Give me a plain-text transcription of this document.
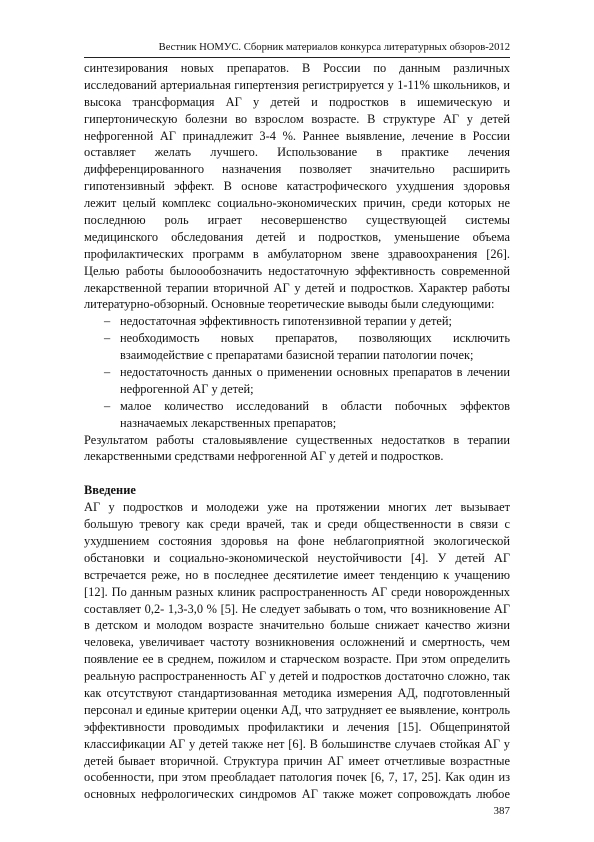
Вестник НОМУС. Сборник материалов конкурса литературных обзоров-2012
синтезирования новых препаратов. В России по данным различных
исследований артериальная гипертензия регистрируется у 1-11% школьников, и
высока трансформация АГ у детей и подростков в ишемическую и
гипертоническую болезни во взрослом возрасте. В структуре АГ у детей
нефрогенной АГ принадлежит 3-4 %. Раннее выявление, лечение в России
оставляет желать лучшего. Использование в практике лечения
дифференцированного назначения позволяет значительно расширить
гипотензивный эффект. В основе катастрофического ухудшения здоровья
лежит целый комплекс социально-экономических причин, среди которых не
последнюю роль играет несовершенство существующей системы
медицинского обследования детей и подростков, уменьшение объема
профилактических программ в амбулаторном звене здравоохранения [26].
Целью работы былоообозначить недостаточную эффективность современной
лекарственной терапии вторичной АГ у детей и подростков. Характер работы
литературно-обзорный. Основные теоретические выводы были следующими:
– недостаточная эффективность гипотензивной терапии у детей;
– необходимость новых препаратов, позволяющих исключить
взаимодействие с препаратами базисной терапии патологии почек;
– недостаточность данных о применении основных препаратов в лечении
нефрогенной АГ у детей;
– малое количество исследований в области побочных эффектов
назначаемых лекарственных препаратов;
Результатом работы сталовыявление существенных недостатков в терапии
лекарственными средствами нефрогенной АГ у детей и подростков.
Введение
АГ у подростков и молодежи уже на протяжении многих лет вызывает
большую тревогу как среди врачей, так и среди общественности в связи с
ухудшением состояния здоровья на фоне неблагоприятной экологической
обстановки и социально-экономической неустойчивости [4]. У детей АГ
встречается реже, но в последнее десятилетие имеет тенденцию к учащению
[12]. По данным разных клиник распространенность АГ среди новорожденных
составляет 0,2- 1,3-3,0 % [5]. Не следует забывать о том, что возникновение АГ
в детском и молодом возрасте значительно больше снижает качество жизни
человека, увеличивает частоту возникновения осложнений и смертность, чем
появление ее в среднем, пожилом и старческом возрасте. При этом определить
реальную распространенность АГ у детей и подростков достаточно сложно, так
как отсутствуют стандартизованная методика измерения АД, подготовленный
персонал и единые критерии оценки АД, что затрудняет ее выявление, контроль
эффективности проводимых профилактики и лечения [15]. Общепринятой
классификации АГ у детей также нет [6]. В большинстве случаев стойкая АГ у
детей бывает вторичной. Структура причин АГ имеет отчетливые возрастные
особенности, при этом преобладает патология почек [6, 7, 17, 25]. Как один из
основных нефрологических синдромов АГ также может сопровождать любое
387
